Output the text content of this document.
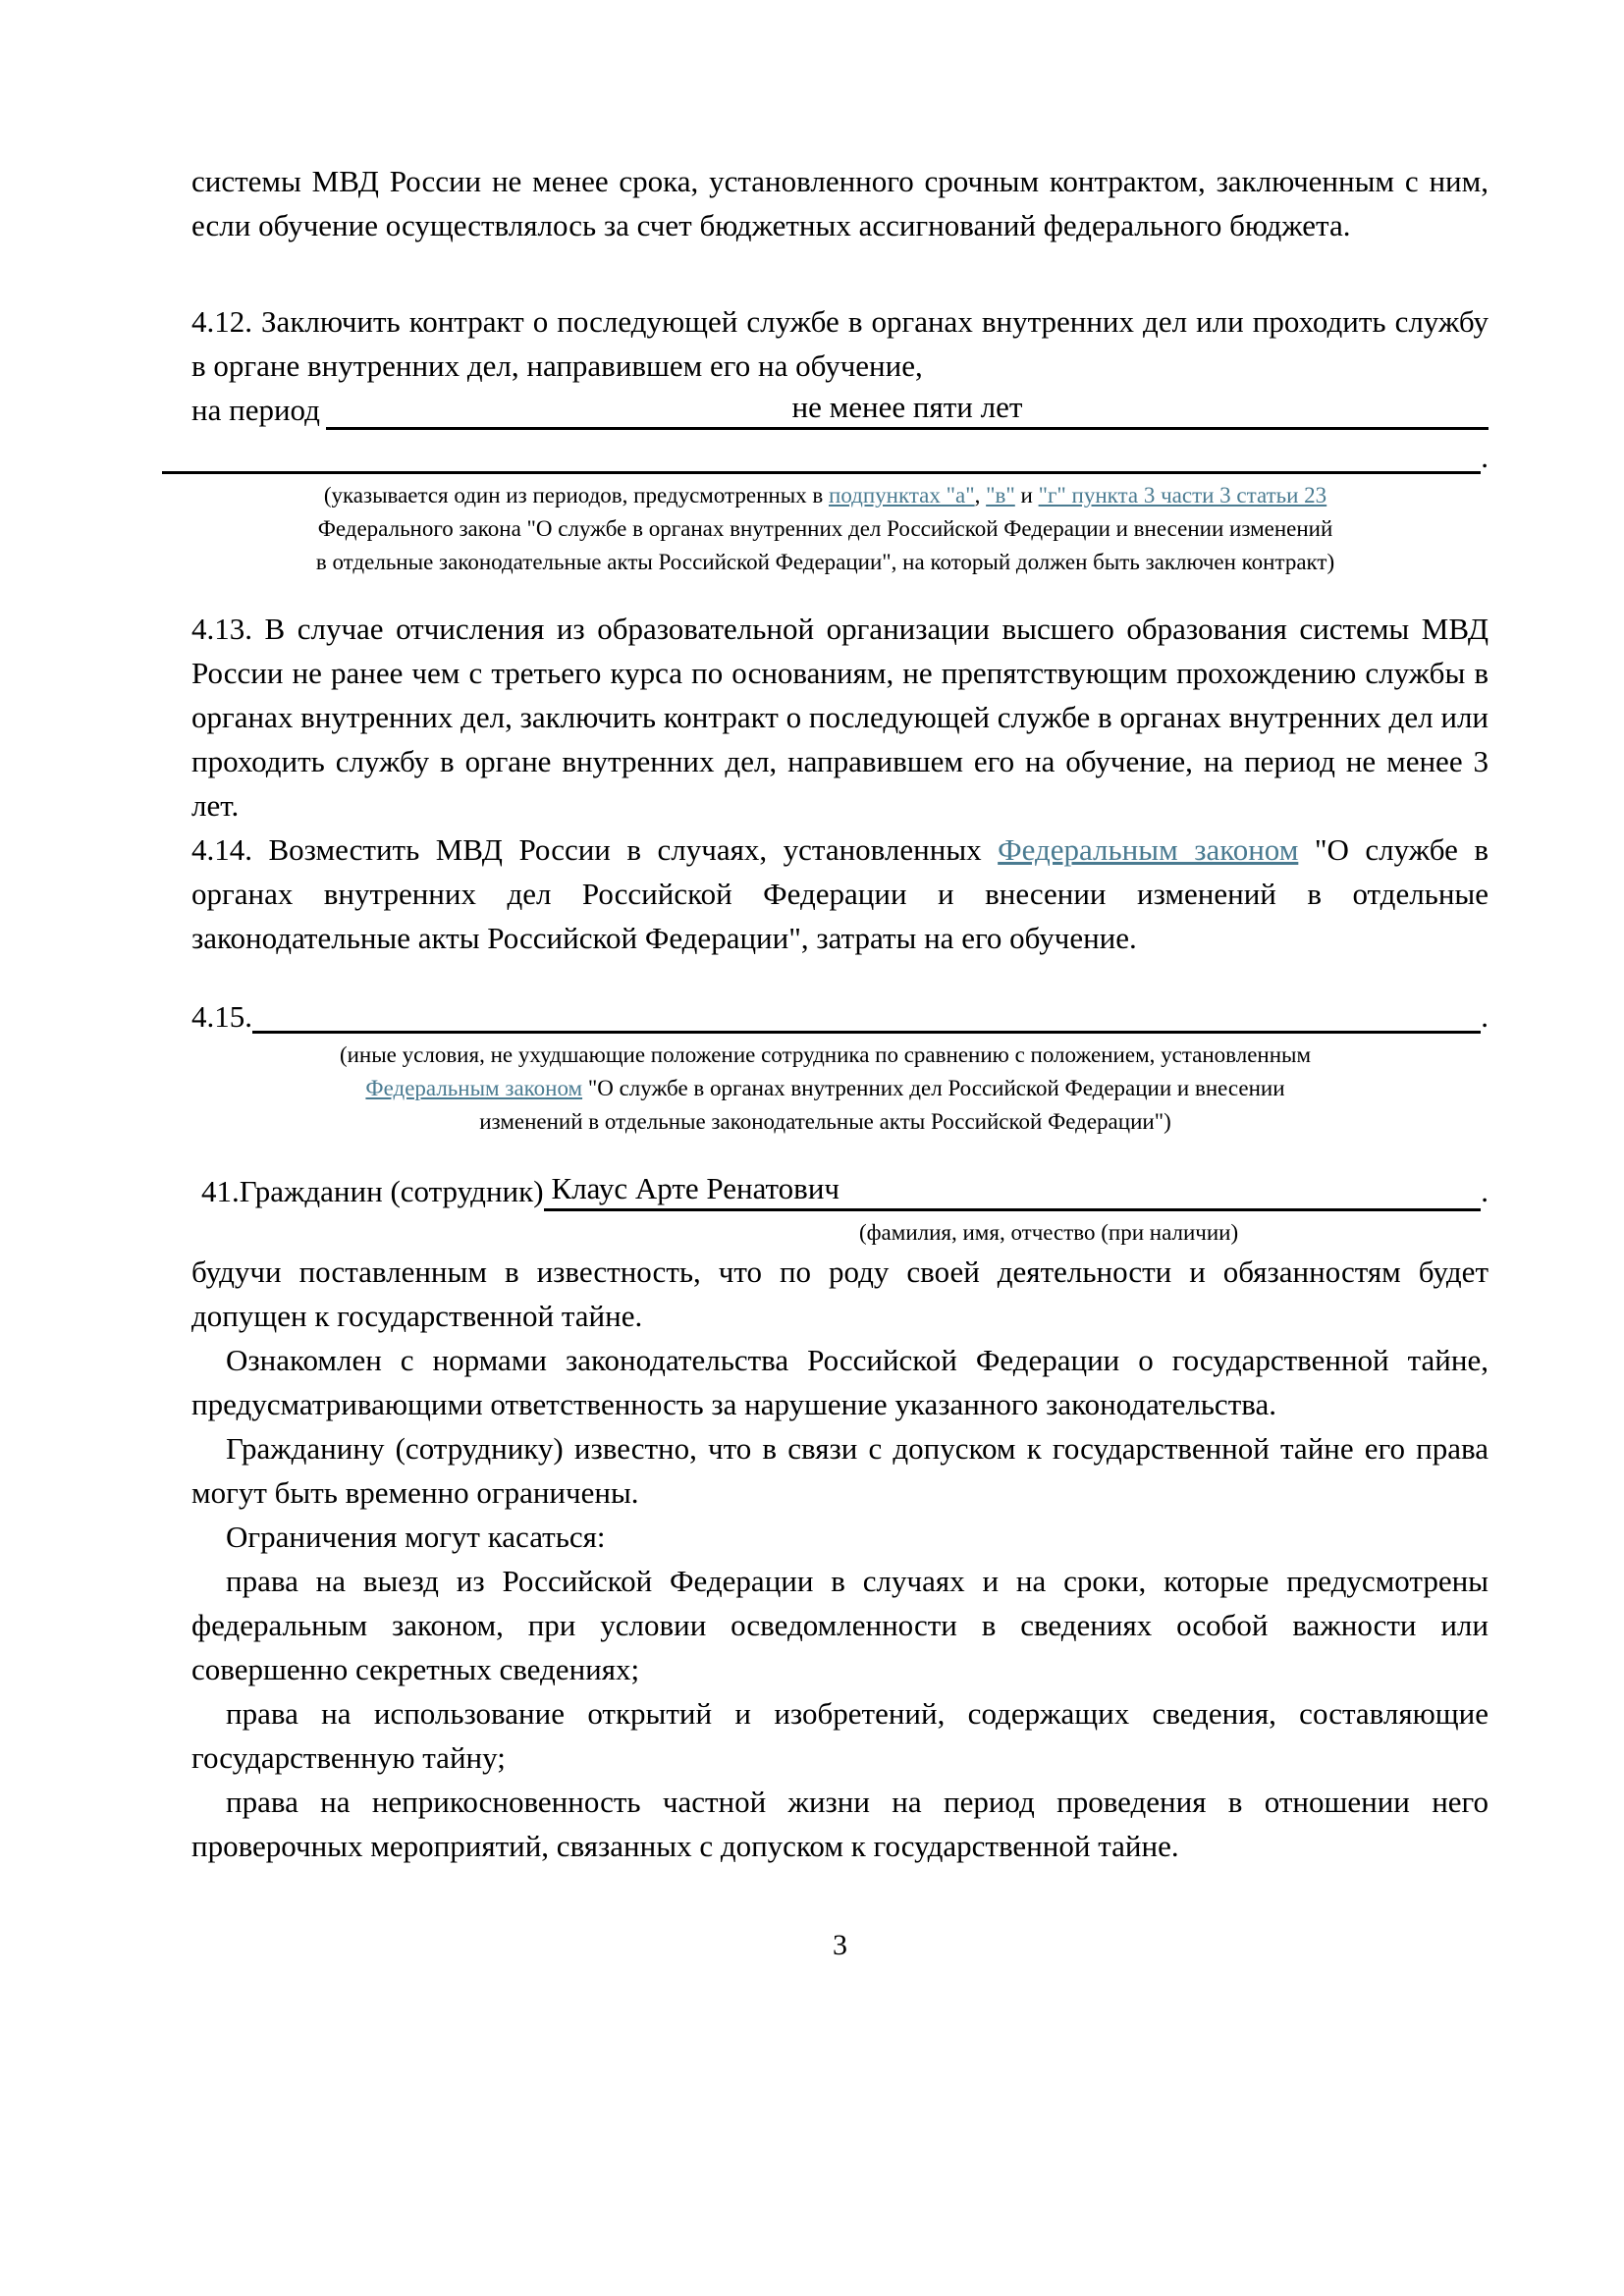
системы МВД России не менее срока, установленного срочным контрактом, заключенным с ним, если обучение осуществлялось за счет бюджетных ассигнований федерального бюджета.

4.12. Заключить контракт о последующей службе в органах внутренних дел или проходить службу в органе внутренних дел, направившем его на обучение,

на период	не менее пяти лет
.
(указывается один из периодов, предусмотренных в подпунктах "а", "в" и "г" пункта 3 части 3 статьи 23
Федерального закона "О службе в органах внутренних дел Российской Федерации и внесении изменений
в отдельные законодательные акты Российской Федерации", на который должен быть заключен контракт)

4.13. В случае отчисления из образовательной организации высшего образования системы МВД России не ранее чем с третьего курса по основаниям, не препятствующим прохождению службы в органах внутренних дел, заключить контракт о последующей службе в органах внутренних дел или проходить службу в органе внутренних дел, направившем его на обучение, на период не менее 3 лет.

4.14. Возместить МВД России в случаях, установленных Федеральным законом "О службе в органах внутренних дел Российской Федерации и внесении изменений в отдельные законодательные акты Российской Федерации", затраты на его обучение.

4.15.	.
(иные условия, не ухудшающие положение сотрудника по сравнению с положением, установленным
Федеральным законом "О службе в органах внутренних дел Российской Федерации и внесении
изменений в отдельные законодательные акты Российской Федерации")
41.Гражданин (сотрудник) Клаус Арте Ренатович	.
(фамилия, имя, отчество (при наличии)

будучи поставленным в известность, что по роду своей деятельности и обязанностям будет допущен к государственной тайне.

Ознакомлен с нормами законодательства Российской Федерации о государственной тайне, предусматривающими ответственность за нарушение указанного законодательства.

Гражданину (сотруднику) известно, что в связи с допуском к государственной тайне его права могут быть временно ограничены.

Ограничения могут касаться:

права на выезд из Российской Федерации в случаях и на сроки, которые предусмотрены федеральным законом, при условии осведомленности в сведениях особой важности или совершенно секретных сведениях;

права на использование открытий и изобретений, содержащих сведения, составляющие государственную тайну;

права на неприкосновенность частной жизни на период проведения в отношении него проверочных мероприятий, связанных с допуском к государственной тайне.

3
